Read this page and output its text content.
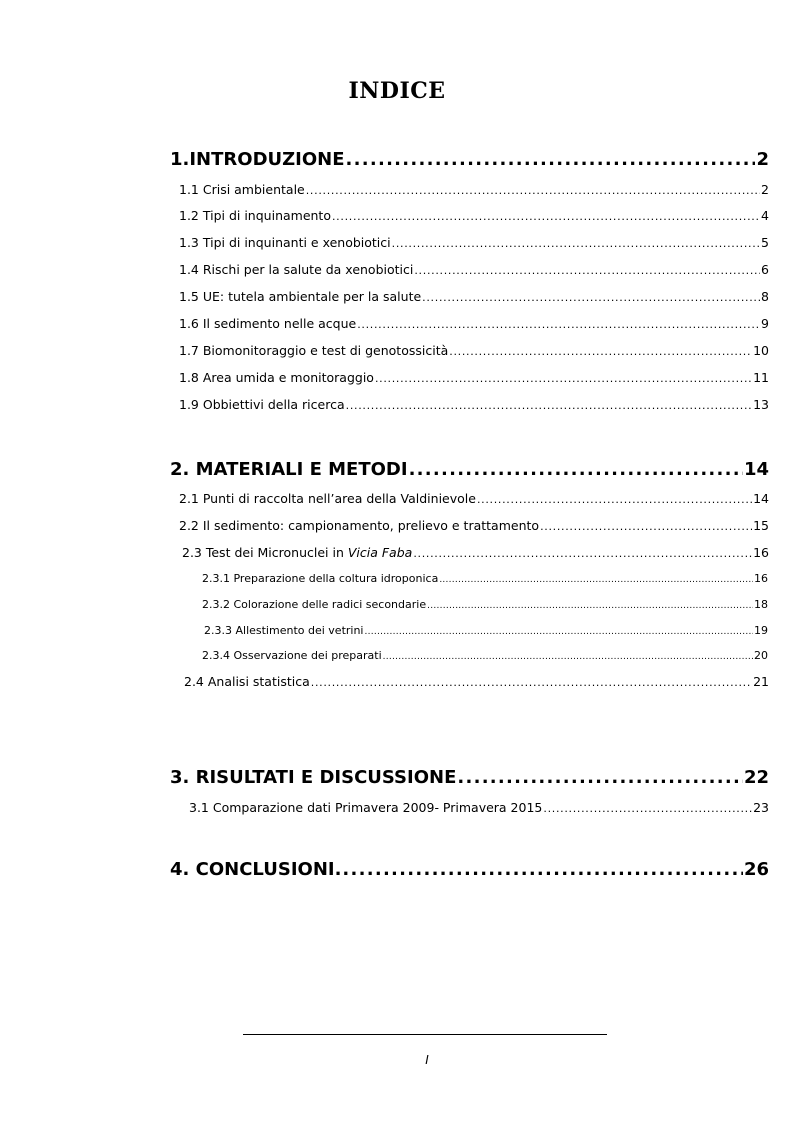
INDICE
1.INTRODUZIONE . . .	2
1.1 Crisi ambientale . . .	2
1.2 Tipi di inquinamento . . .	4
1.3 Tipi di inquinanti e xenobiotici . . .	5
1.4 Rischi per la salute da xenobiotici . . .	6
1.5 UE: tutela ambientale per la salute . . .	8
1.6 Il sedimento nelle acque . . .	9
1.7 Biomonitoraggio e test di genotossicità . . .	10
1.8 Area umida e monitoraggio . . .	11
1.9 Obbiettivi della ricerca . . .	13
2. MATERIALI E METODI . . .	14
2.1 Punti di raccolta nell’area della Valdinievole . . .	14
2.2 Il sedimento: campionamento, prelievo e trattamento . . .	15
2.3 Test dei Micronuclei in Vicia Faba . . .	16
2.3.1 Preparazione della coltura idroponica . . .	16
2.3.2 Colorazione delle radici secondarie . . .	18
2.3.3 Allestimento dei vetrini . . .	19
2.3.4 Osservazione dei preparati . . .	20
2.4 Analisi statistica . . .	21
3. RISULTATI E DISCUSSIONE . . .	22
3.1 Comparazione dati Primavera 2009- Primavera 2015 . . .	23
4. CONCLUSIONI. . . .	26
I
